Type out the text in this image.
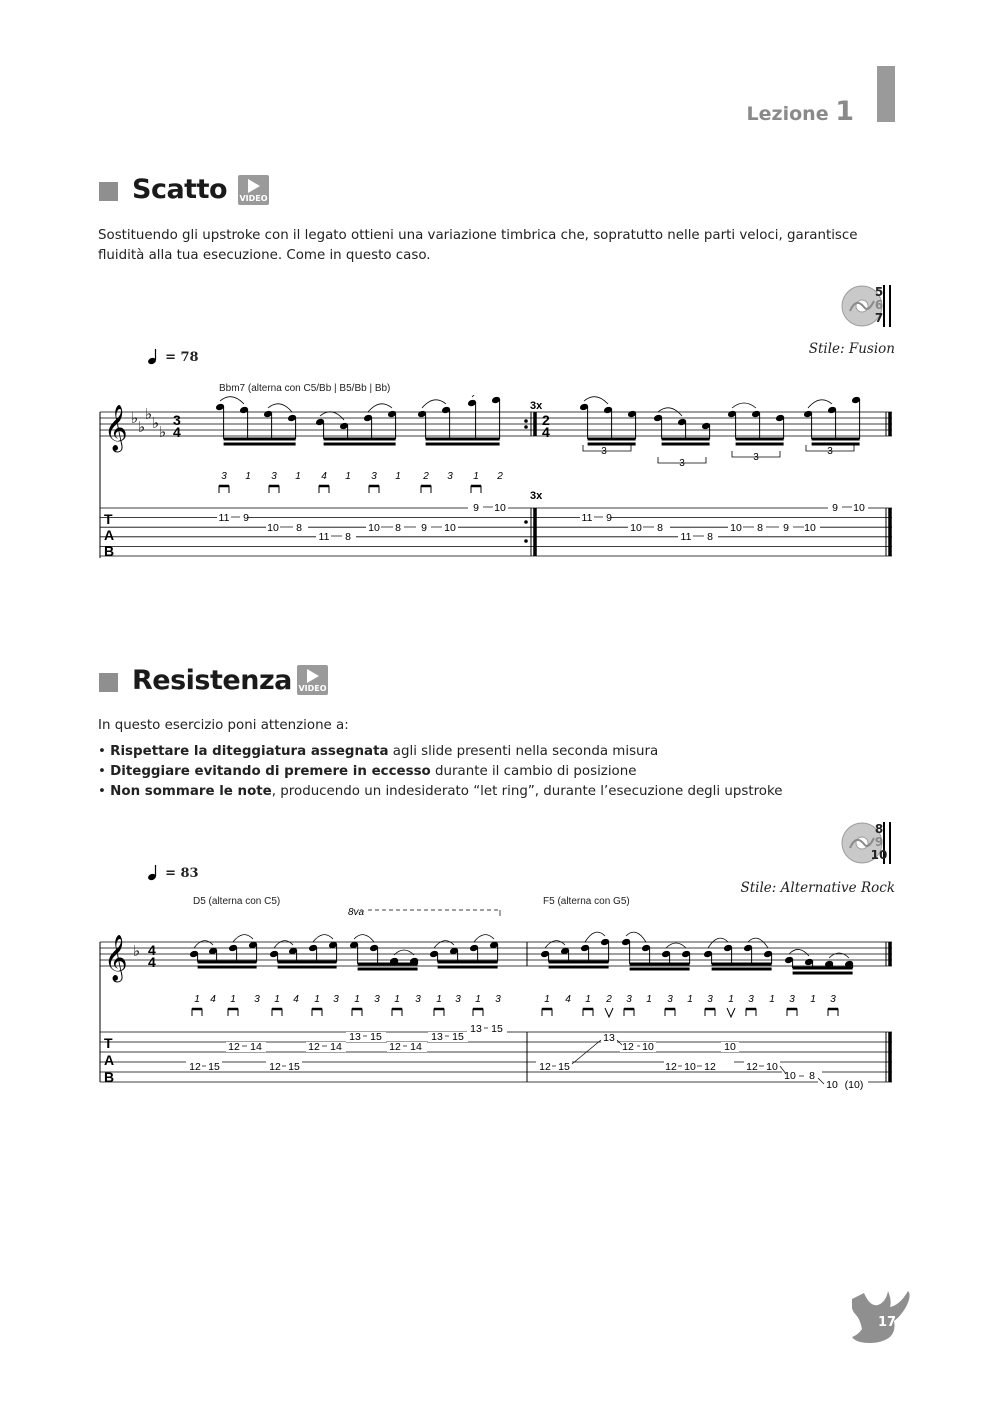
Lezione 1
Scatto VIDEO
Sostituendo gli upstroke con il legato ottieni una variazione timbrica che, sopratutto nelle parti veloci, garantisce fluidità alla tua esecuzione. Come in questo caso.
5
6
7
= 78
Stile: Fusion
Bbm7 (alterna con C5/Bb | B5/Bb | Bb)
𝄞 ♭
♭
♭
♭
♭
3
4
3x
2
4
3
3
3
3
3 1 3 1 4 1 3 1 2 3 1 2
T
A
B
3x
11 9
10 8
11 8
10 8 9 10
9 10
11 9
10 8
11 8
10 8 9 10
9 10
Resistenza VIDEO
In questo esercizio poni attenzione a:
• Rispettare la diteggiatura assegnata agli slide presenti nella seconda misura
• Diteggiare evitando di premere in eccesso durante il cambio di posizione
• Non sommare le note, producendo un indesiderato “let ring”, durante l’esecuzione degli upstroke
8
9
10
= 83
Stile: Alternative Rock
D5 (alterna con C5)	F5 (alterna con G5)
8va
𝄞 ♭ 4
4
1 4 1 3 1 4 1 3 1 3 1 3 1 3 1 3	1 4 1 2 3 1 3 1 3 1 3 1 3 1 3
T
A
B
12 15
12 14
12 15
12 14
13 15
12 14
13 15
13 15
12 15
13
12 10
12 10 12
10
12 10
10 8
10 (10)
17
